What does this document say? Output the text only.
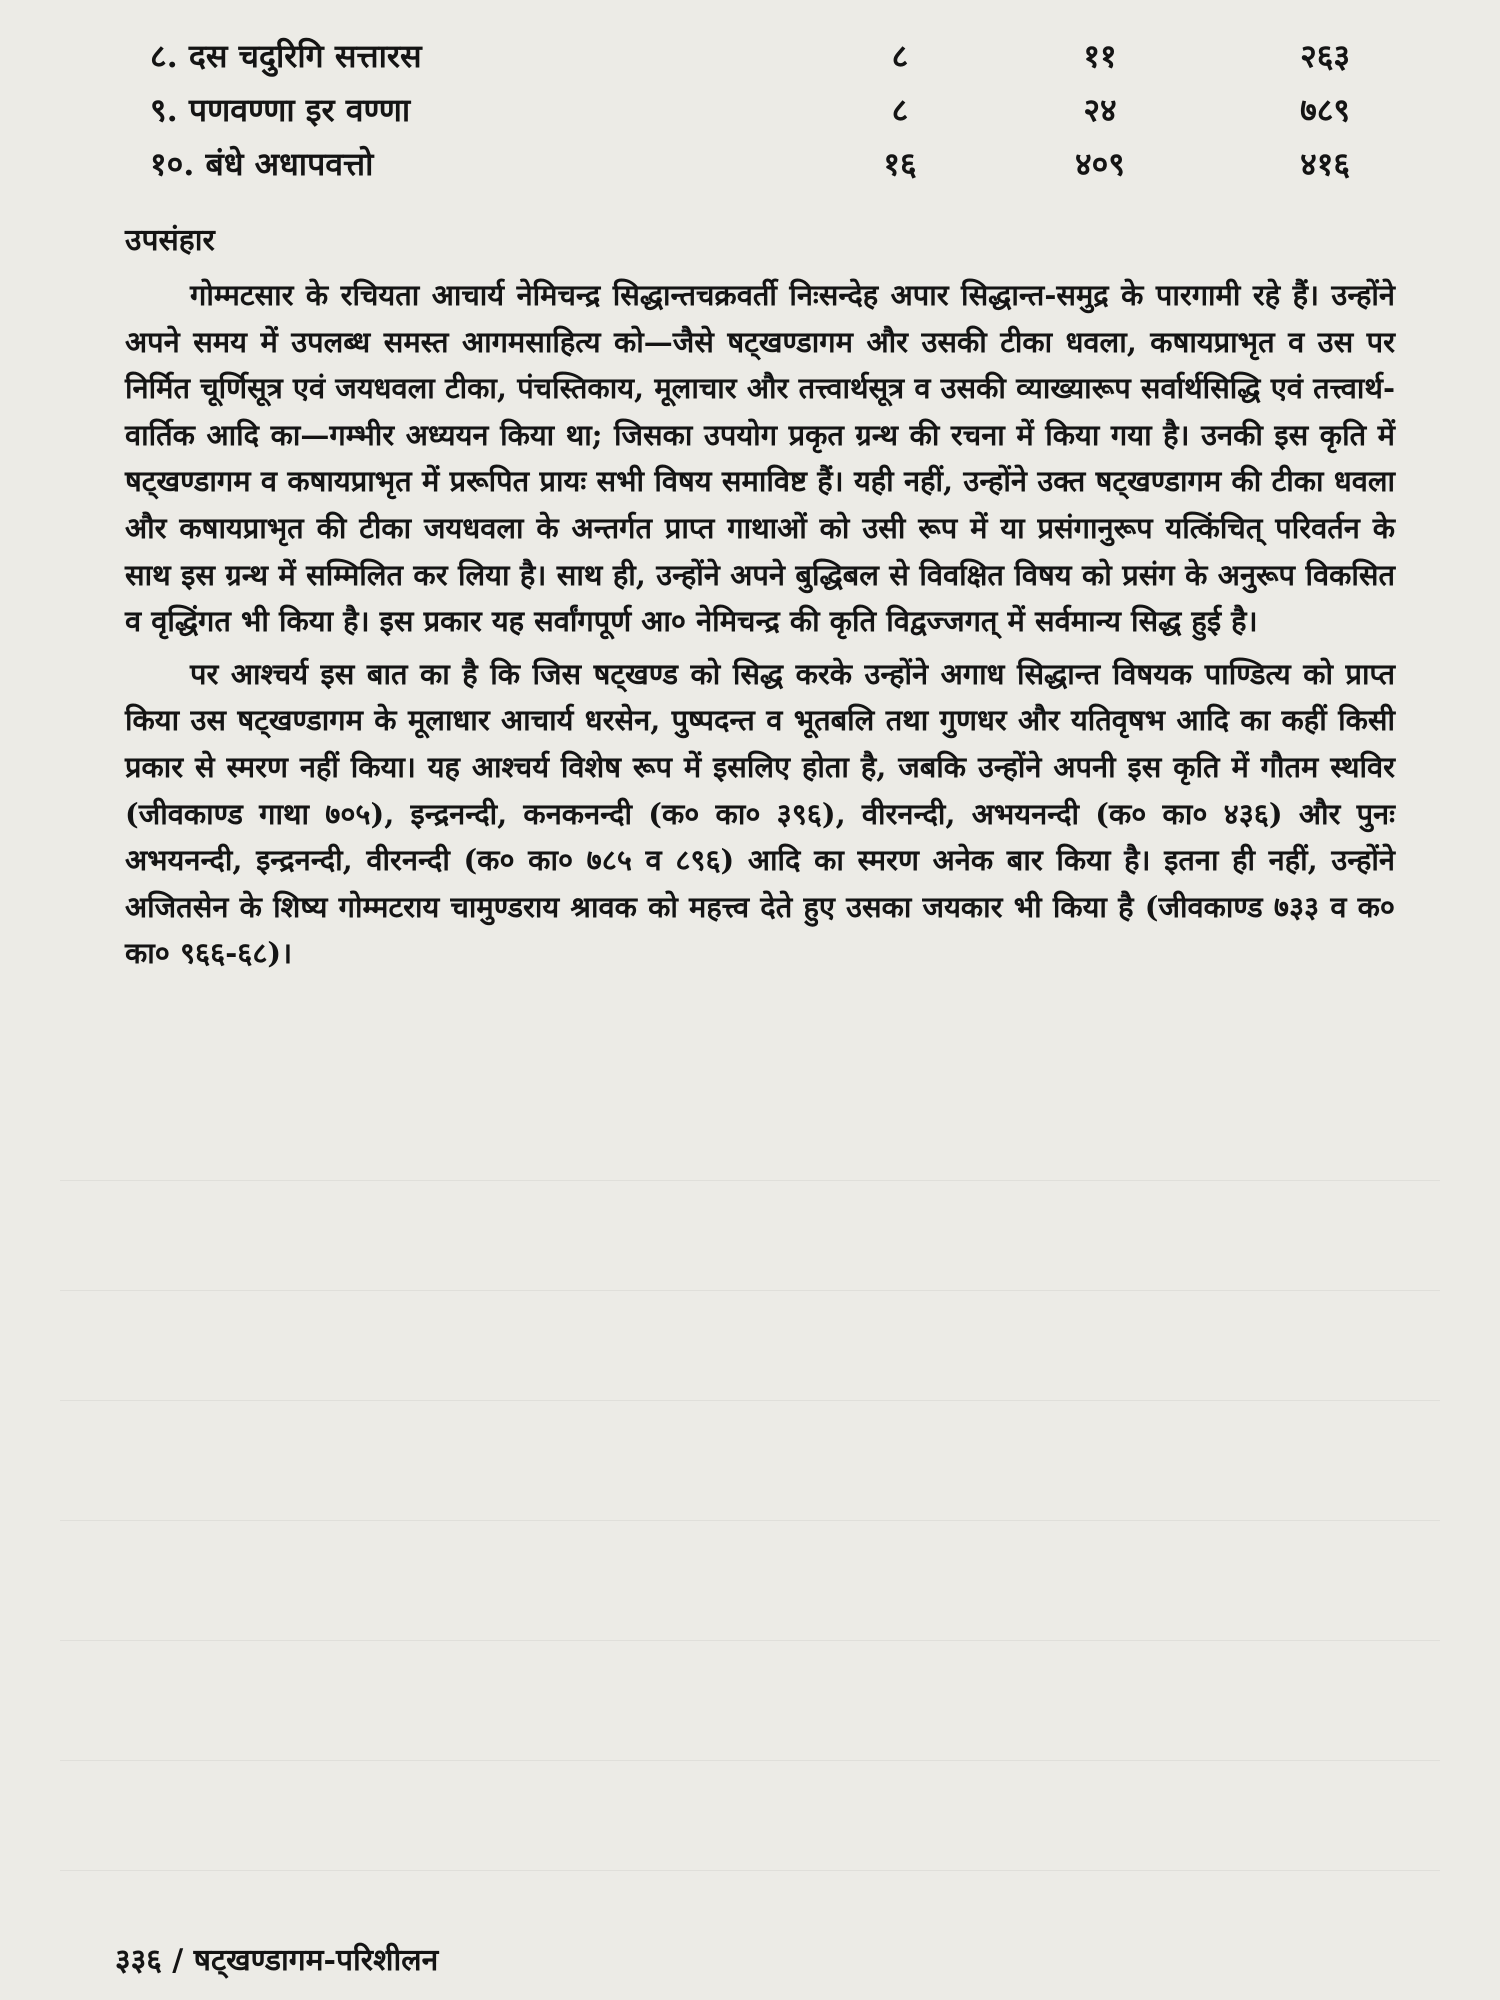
८. दस चदुरिगि सत्तारस	८	११	२६३
९. पणवण्णा इर वण्णा	८	२४	७८९
१०. बंधे अधापवत्तो	१६	४०९	४१६
उपसंहार

गोम्मटसार के रचियता आचार्य नेमिचन्द्र सिद्धान्तचक्रवर्ती निःसन्देह अपार सिद्धान्त-समुद्र के पारगामी रहे हैं। उन्होंने अपने समय में उपलब्ध समस्त आगमसाहित्य को—जैसे षट्खण्डागम और उसकी टीका धवला, कषायप्राभृत व उस पर निर्मित चूर्णिसूत्र एवं जयधवला टीका, पंचस्तिकाय, मूलाचार और तत्त्वार्थसूत्र व उसकी व्याख्यारूप सर्वार्थसिद्धि एवं तत्त्वार्थ-वार्तिक आदि का—गम्भीर अध्ययन किया था; जिसका उपयोग प्रकृत ग्रन्थ की रचना में किया गया है। उनकी इस कृति में षट्खण्डागम व कषायप्राभृत में प्ररूपित प्रायः सभी विषय समाविष्ट हैं। यही नहीं, उन्होंने उक्त षट्खण्डागम की टीका धवला और कषायप्राभृत की टीका जयधवला के अन्तर्गत प्राप्त गाथाओं को उसी रूप में या प्रसंगानुरूप यत्किंचित् परिवर्तन के साथ इस ग्रन्थ में सम्मिलित कर लिया है। साथ ही, उन्होंने अपने बुद्धिबल से विवक्षित विषय को प्रसंग के अनुरूप विकसित व वृद्धिंगत भी किया है। इस प्रकार यह सर्वांगपूर्ण आ० नेमिचन्द्र की कृति विद्वज्जगत् में सर्वमान्य सिद्ध हुई है।

पर आश्चर्य इस बात का है कि जिस षट्खण्ड को सिद्ध करके उन्होंने अगाध सिद्धान्त विषयक पाण्डित्य को प्राप्त किया उस षट्खण्डागम के मूलाधार आचार्य धरसेन, पुष्पदन्त व भूतबलि तथा गुणधर और यतिवृषभ आदि का कहीं किसी प्रकार से स्मरण नहीं किया। यह आश्चर्य विशेष रूप में इसलिए होता है, जबकि उन्होंने अपनी इस कृति में गौतम स्थविर (जीवकाण्ड गाथा ७०५), इन्द्रनन्दी, कनकनन्दी (क० का० ३९६), वीरनन्दी, अभयनन्दी (क० का० ४३६) और पुनः अभयनन्दी, इन्द्रनन्दी, वीरनन्दी (क० का० ७८५ व ८९६) आदि का स्मरण अनेक बार किया है। इतना ही नहीं, उन्होंने अजितसेन के शिष्य गोम्मटराय चामुण्डराय श्रावक को महत्त्व देते हुए उसका जयकार भी किया है (जीवकाण्ड ७३३ व क० का० ९६६-६८)।

३३६ / षट्खण्डागम-परिशीलन
